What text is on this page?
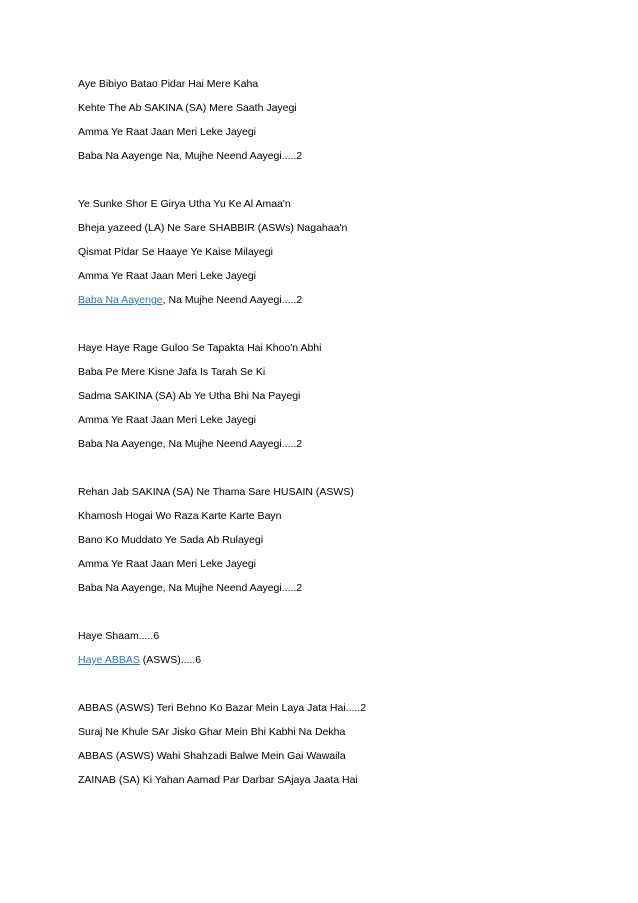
Aye Bibiyo Batao Pidar Hai Mere Kaha
Kehte The Ab SAKINA (SA) Mere Saath Jayegi
Amma Ye Raat Jaan Meri Leke Jayegi
Baba Na Aayenge Na, Mujhe Neend Aayegi.....2
Ye Sunke Shor E Girya Utha Yu Ke Al Amaa'n
Bheja yazeed (LA) Ne Sare SHABBIR (ASWs) Nagahaa'n
Qismat Pidar Se Haaye Ye Kaise Milayegi
Amma Ye Raat Jaan Meri Leke Jayegi
Baba Na Aayenge, Na Mujhe Neend Aayegi.....2
Haye Haye Rage Guloo Se Tapakta Hai Khoo'n Abhi
Baba Pe Mere Kisne Jafa Is Tarah Se Ki
Sadma SAKINA (SA) Ab Ye Utha Bhi Na Payegi
Amma Ye Raat Jaan Meri Leke Jayegi
Baba Na Aayenge, Na Mujhe Neend Aayegi.....2
Rehan Jab SAKINA (SA) Ne Thama Sare HUSAIN (ASWS)
Khamosh Hogai Wo Raza Karte Karte Bayn
Bano Ko Muddato Ye Sada Ab Rulayegi
Amma Ye Raat Jaan Meri Leke Jayegi
Baba Na Aayenge, Na Mujhe Neend Aayegi.....2
Haye Shaam.....6
Haye ABBAS (ASWS).....6
ABBAS (ASWS) Teri Behno Ko Bazar Mein Laya Jata Hai.....2
Suraj Ne Khule SAr Jisko Ghar Mein Bhi Kabhi Na Dekha
ABBAS (ASWS) Wahi Shahzadi Balwe Mein Gai Wawaila
ZAINAB (SA) Ki Yahan Aamad Par Darbar SAjaya Jaata Hai
